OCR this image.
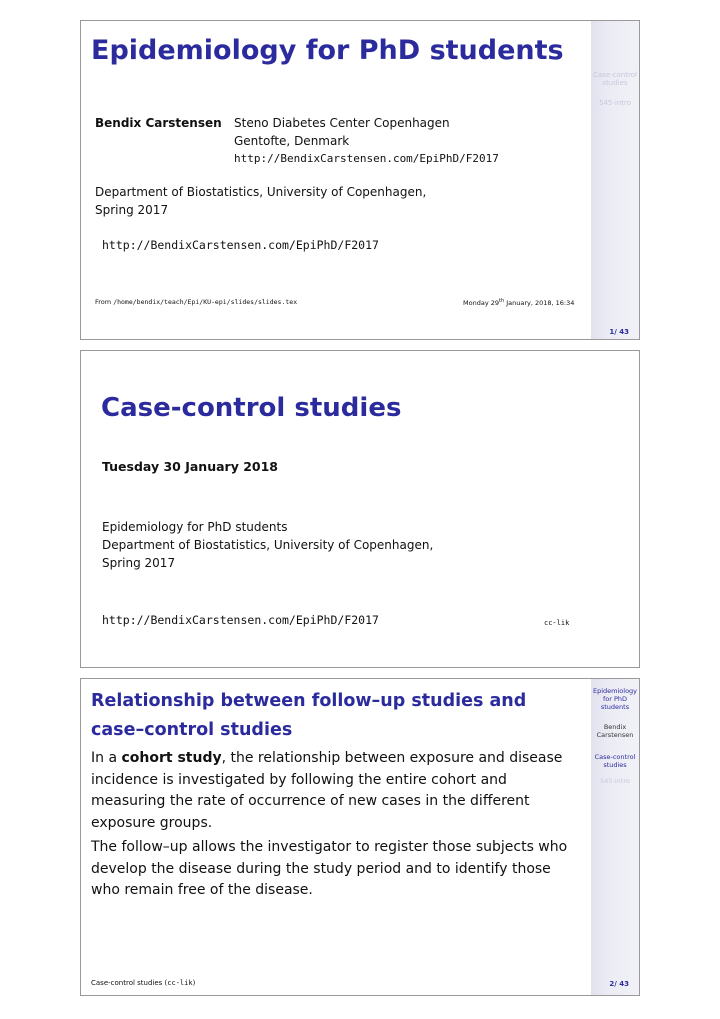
Case-control studies
545-intro
Epidemiology for PhD students
Bendix Carstensen Steno Diabetes Center Copenhagen
Gentofte, Denmark
http://BendixCarstensen.com/EpiPhD/F2017
Department of Biostatistics, University of Copenhagen,
Spring 2017
http://BendixCarstensen.com/EpiPhD/F2017
From /home/bendix/teach/Epi/KU-epi/slides/slides.tex	Monday 29th January, 2018, 16:34
1/ 43
Case-control studies
Tuesday 30 January 2018
Epidemiology for PhD students
Department of Biostatistics, University of Copenhagen,
Spring 2017
http://BendixCarstensen.com/EpiPhD/F2017	cc-lik
Epidemiology for PhD students
Bendix Carstensen
Case-control studies
545-intro
Relationship between follow–up studies and
case–control studies

In a cohort study, the relationship between exposure and disease incidence is investigated by following the entire cohort and measuring the rate of occurrence of new cases in the different exposure groups.

The follow–up allows the investigator to register those subjects who develop the disease during the study period and to identify those who remain free of the disease.

Case-control studies (cc-lik)	2/ 43
